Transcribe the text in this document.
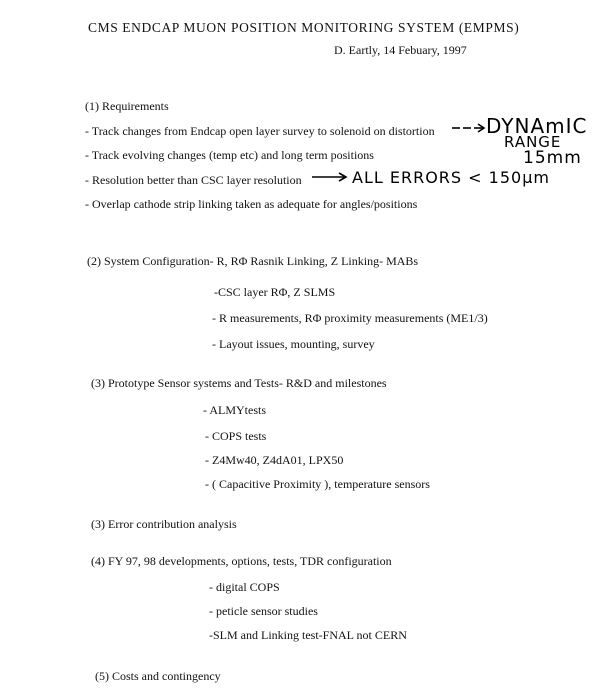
CMS ENDCAP MUON POSITION MONITORING SYSTEM (EMPMS)
D. Eartly, 14 Febuary, 1997
(1) Requirements
- Track changes from Endcap open layer survey to solenoid on distortion
- Track evolving changes (temp etc) and long term positions
- Resolution better than CSC layer resolution
- Overlap cathode strip linking taken as adequate for angles/positions
DYNAmIC
RANGE
15mm
ALL ERRORS < 150μm
(2) System Configuration- R, RΦ Rasnik Linking, Z Linking- MABs
-CSC layer RΦ, Z SLMS
- R measurements, RΦ proximity measurements (ME1/3)
- Layout issues, mounting, survey
(3) Prototype Sensor systems and Tests- R&D and milestones
- ALMYtests
- COPS tests
- Z4Mw40, Z4dA01, LPX50
- ( Capacitive Proximity ), temperature sensors
(3) Error contribution analysis
(4) FY 97, 98 developments, options, tests, TDR configuration
- digital COPS
- peticle sensor studies
-SLM and Linking test-FNAL not CERN
(5) Costs and contingency
